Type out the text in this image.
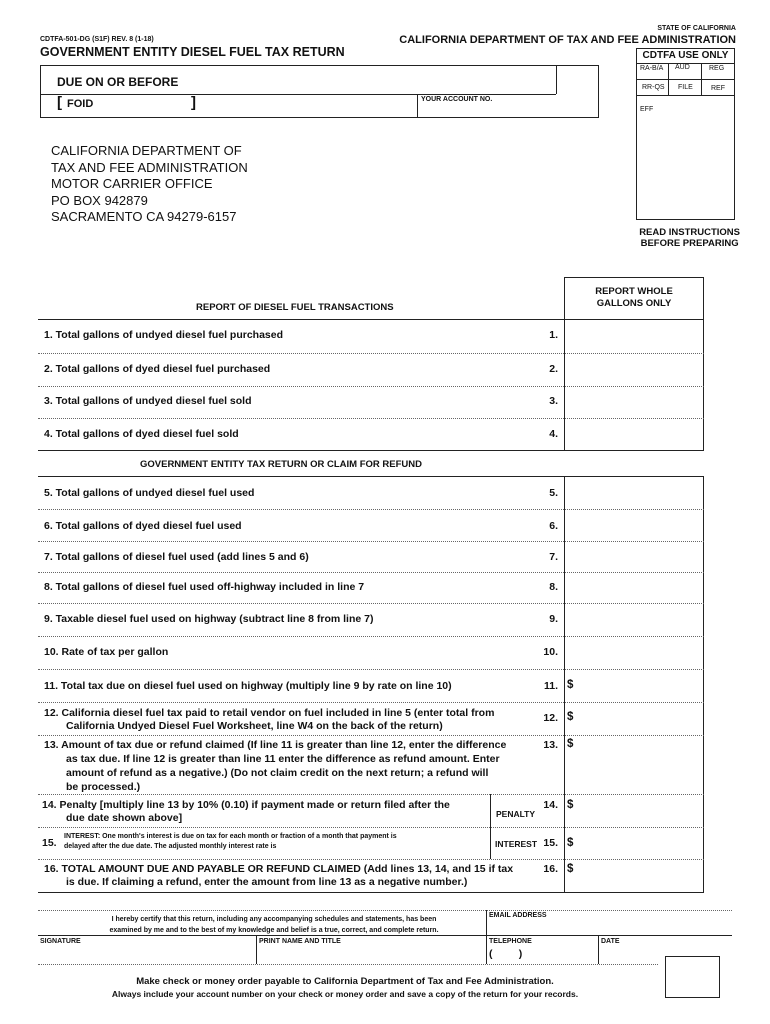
CDTFA-501-DG (S1F) REV. 8 (1-18)
GOVERNMENT ENTITY DIESEL FUEL TAX RETURN
STATE OF CALIFORNIA
CALIFORNIA DEPARTMENT OF TAX AND FEE ADMINISTRATION
CDTFA USE ONLY
RA-B/A AUD	REG
RR-QS FILE	REF
EFF
DUE ON OR BEFORE
[ FOID	]	YOUR ACCOUNT NO.
CALIFORNIA DEPARTMENT OF
TAX AND FEE ADMINISTRATION
MOTOR CARRIER OFFICE
PO BOX 942879
SACRAMENTO CA 94279-6157
READ INSTRUCTIONS
BEFORE PREPARING
REPORT WHOLE
GALLONS ONLY
REPORT OF DIESEL FUEL TRANSACTIONS
1. Total gallons of undyed diesel fuel purchased	1.
2. Total gallons of dyed diesel fuel purchased	2.
3. Total gallons of undyed diesel fuel sold	3.
4. Total gallons of dyed diesel fuel sold	4.
GOVERNMENT ENTITY TAX RETURN OR CLAIM FOR REFUND
5. Total gallons of undyed diesel fuel used	5.
6. Total gallons of dyed diesel fuel used	6.
7. Total gallons of diesel fuel used (add lines 5 and 6)	7.
8. Total gallons of diesel fuel used off-highway included in line 7	8.
9. Taxable diesel fuel used on highway (subtract line 8 from line 7)	9.
10. Rate of tax per gallon	10.
11. Total tax due on diesel fuel used on highway (multiply line 9 by rate on line 10)	11. $
12. California diesel fuel tax paid to retail vendor on fuel included in line 5 (enter total from
California Undyed Diesel Fuel Worksheet, line W4 on the back of the return)
12. $
13. Amount of tax due or refund claimed (If line 11 is greater than line 12, enter the difference
as tax due. If line 12 is greater than line 11 enter the difference as refund amount. Enter
amount of refund as a negative.) (Do not claim credit on the next return; a refund will
be processed.)
13. $
14. Penalty [multiply line 13 by 10% (0.10) if payment made or return filed after the
due date shown above]	PENALTY
14. $
15.
INTEREST: One month's interest is due on tax for each month or fraction of a month that payment is
delayed after the due date. The adjusted monthly interest rate is	INTEREST 15. $
16. TOTAL AMOUNT DUE AND PAYABLE OR REFUND CLAIMED (Add lines 13, 14, and 15 if tax
is due. If claiming a refund, enter the amount from line 13 as a negative number.)
16. $
I hereby certify that this return, including any accompanying schedules and statements, has been
examined by me and to the best of my knowledge and belief is a true, correct, and complete return.
EMAIL ADDRESS
SIGNATURE	PRINT NAME AND TITLE	TELEPHONE
(         )
DATE
Make check or money order payable to California Department of Tax and Fee Administration.
Always include your account number on your check or money order and save a copy of the return for your records.
